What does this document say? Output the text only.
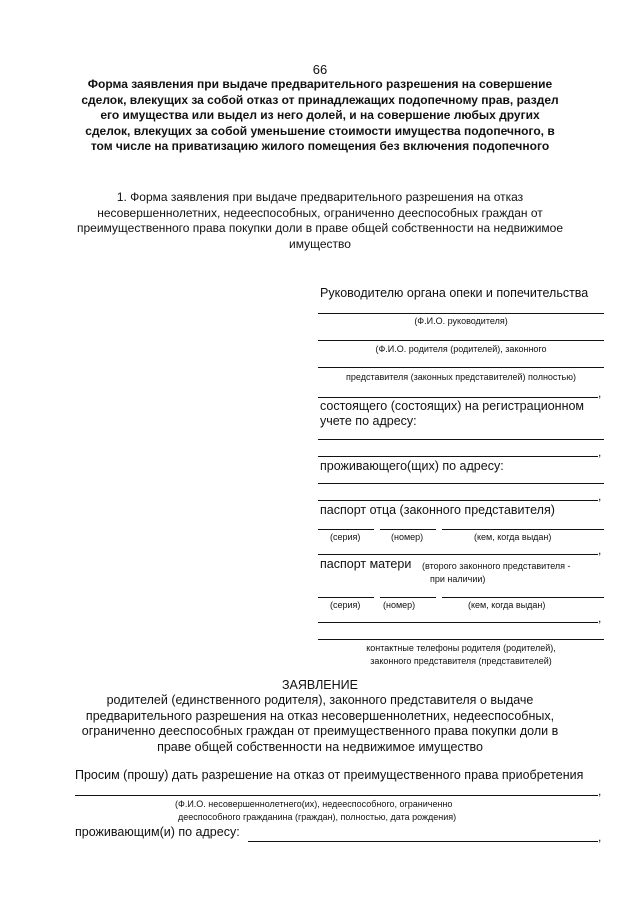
66
Форма заявления при выдаче предварительного разрешения на совершение сделок, влекущих за собой отказ от принадлежащих подопечному прав, раздел его имущества или выдел из него долей, и на совершение любых других сделок, влекущих за собой уменьшение стоимости имущества подопечного, в том числе на приватизацию жилого помещения без включения подопечного
1. Форма заявления при выдаче предварительного разрешения на отказ несовершеннолетних, недееспособных, ограниченно дееспособных граждан от преимущественного права покупки доли в праве общей собственности на недвижимое имущество
Руководителю органа опеки и попечительства
(Ф.И.О. руководителя)
(Ф.И.О. родителя (родителей), законного
представителя (законных представителей) полностью)
,
состоящего (состоящих) на регистрационном
учете по адресу:
,
проживающего(щих) по адресу:
,
паспорт отца (законного представителя)
(серия)	(номер)	(кем, когда выдан)
,
паспорт матери (второго законного представителя -
при наличии)
(серия)	(номер)	(кем, когда выдан)
,
контактные телефоны родителя (родителей),
законного представителя (представителей)
ЗАЯВЛЕНИЕ
родителей (единственного родителя), законного представителя о выдаче предварительного разрешения на отказ несовершеннолетних, недееспособных, ограниченно дееспособных граждан от преимущественного права покупки доли в праве общей собственности на недвижимое имущество
Просим (прошу) дать разрешение на отказ от преимущественного права приобретения
,
(Ф.И.О. несовершеннолетнего(их), недееспособного, ограниченно
дееспособного гражданина (граждан), полностью, дата рождения)
проживающим(и) по адресу:	,
